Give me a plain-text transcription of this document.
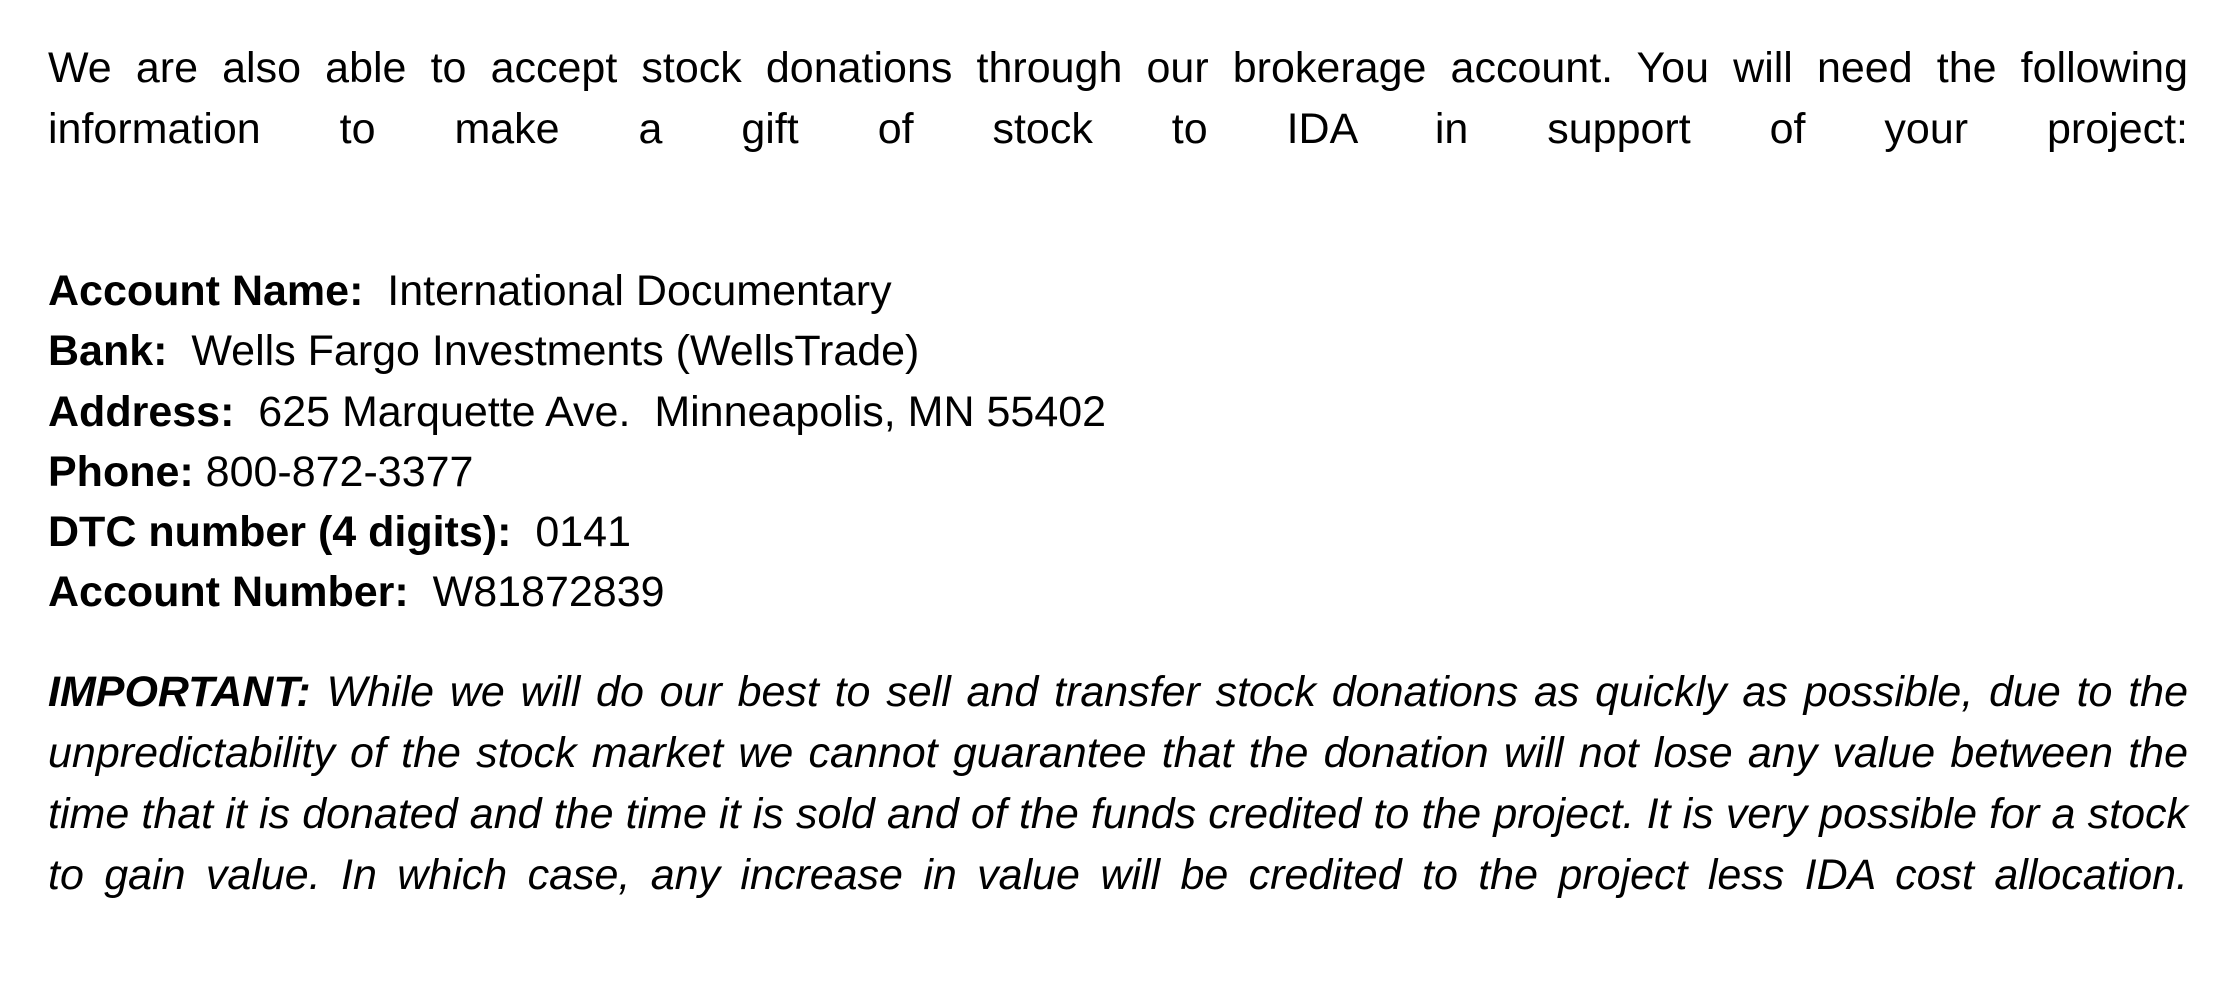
We are also able to accept stock donations through our brokerage account. You will need the following information to make a gift of stock to IDA in support of your project:

Account Name:  International Documentary
Bank:  Wells Fargo Investments (WellsTrade)
Address:  625 Marquette Ave.  Minneapolis, MN 55402
Phone: 800-872-3377
DTC number (4 digits):  0141
Account Number:  W81872839

IMPORTANT: While we will do our best to sell and transfer stock donations as quickly as possible, due to the unpredictability of the stock market we cannot guarantee that the donation will not lose any value between the time that it is donated and the time it is sold and of the funds credited to the project. It is very possible for a stock to gain value. In which case, any increase in value will be credited to the project less IDA cost allocation.
